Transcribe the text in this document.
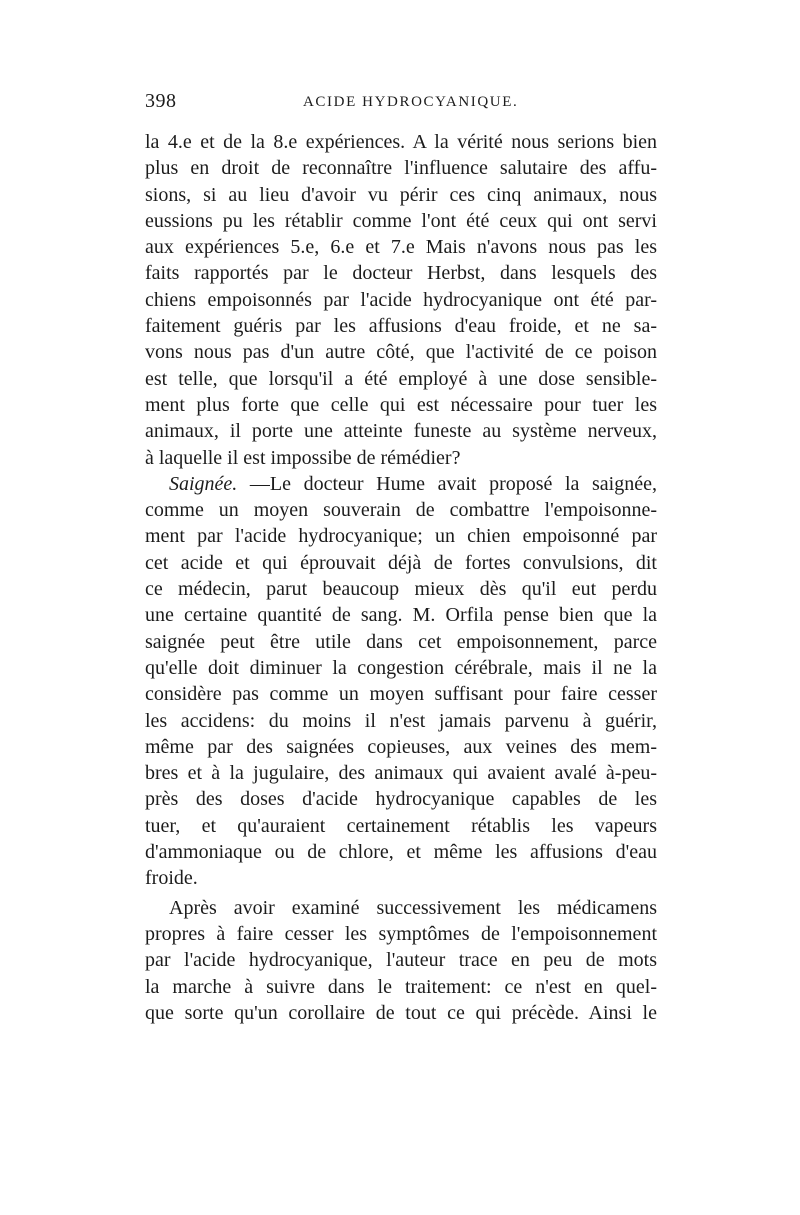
398	ACIDE HYDROCYANIQUE.
la 4.e et de la 8.e expériences. A la vérité nous serions bien
plus en droit de reconnaître l'influence salutaire des affu-
sions, si au lieu d'avoir vu périr ces cinq animaux, nous
eussions pu les rétablir comme l'ont été ceux qui ont servi
aux expériences 5.e, 6.e et 7.e Mais n'avons nous pas les
faits rapportés par le docteur Herbst, dans lesquels des
chiens empoisonnés par l'acide hydrocyanique ont été par-
faitement guéris par les affusions d'eau froide, et ne sa-
vons nous pas d'un autre côté, que l'activité de ce poison
est telle, que lorsqu'il a été employé à une dose sensible-
ment plus forte que celle qui est nécessaire pour tuer les
animaux, il porte une atteinte funeste au système nerveux,
à laquelle il est impossibe de rémédier?
Saignée. —Le docteur Hume avait proposé la saignée,
comme un moyen souverain de combattre l'empoisonne-
ment par l'acide hydrocyanique; un chien empoisonné par
cet acide et qui éprouvait déjà de fortes convulsions, dit
ce médecin, parut beaucoup mieux dès qu'il eut perdu
une certaine quantité de sang. M. Orfila pense bien que la
saignée peut être utile dans cet empoisonnement, parce
qu'elle doit diminuer la congestion cérébrale, mais il ne la
considère pas comme un moyen suffisant pour faire cesser
les accidens: du moins il n'est jamais parvenu à guérir,
même par des saignées copieuses, aux veines des mem-
bres et à la jugulaire, des animaux qui avaient avalé à-peu-
près des doses d'acide hydrocyanique capables de les
tuer, et qu'auraient certainement rétablis les vapeurs
d'ammoniaque ou de chlore, et même les affusions d'eau
froide.
Après avoir examiné successivement les médicamens
propres à faire cesser les symptômes de l'empoisonnement
par l'acide hydrocyanique, l'auteur trace en peu de mots
la marche à suivre dans le traitement: ce n'est en quel-
que sorte qu'un corollaire de tout ce qui précède. Ainsi le
